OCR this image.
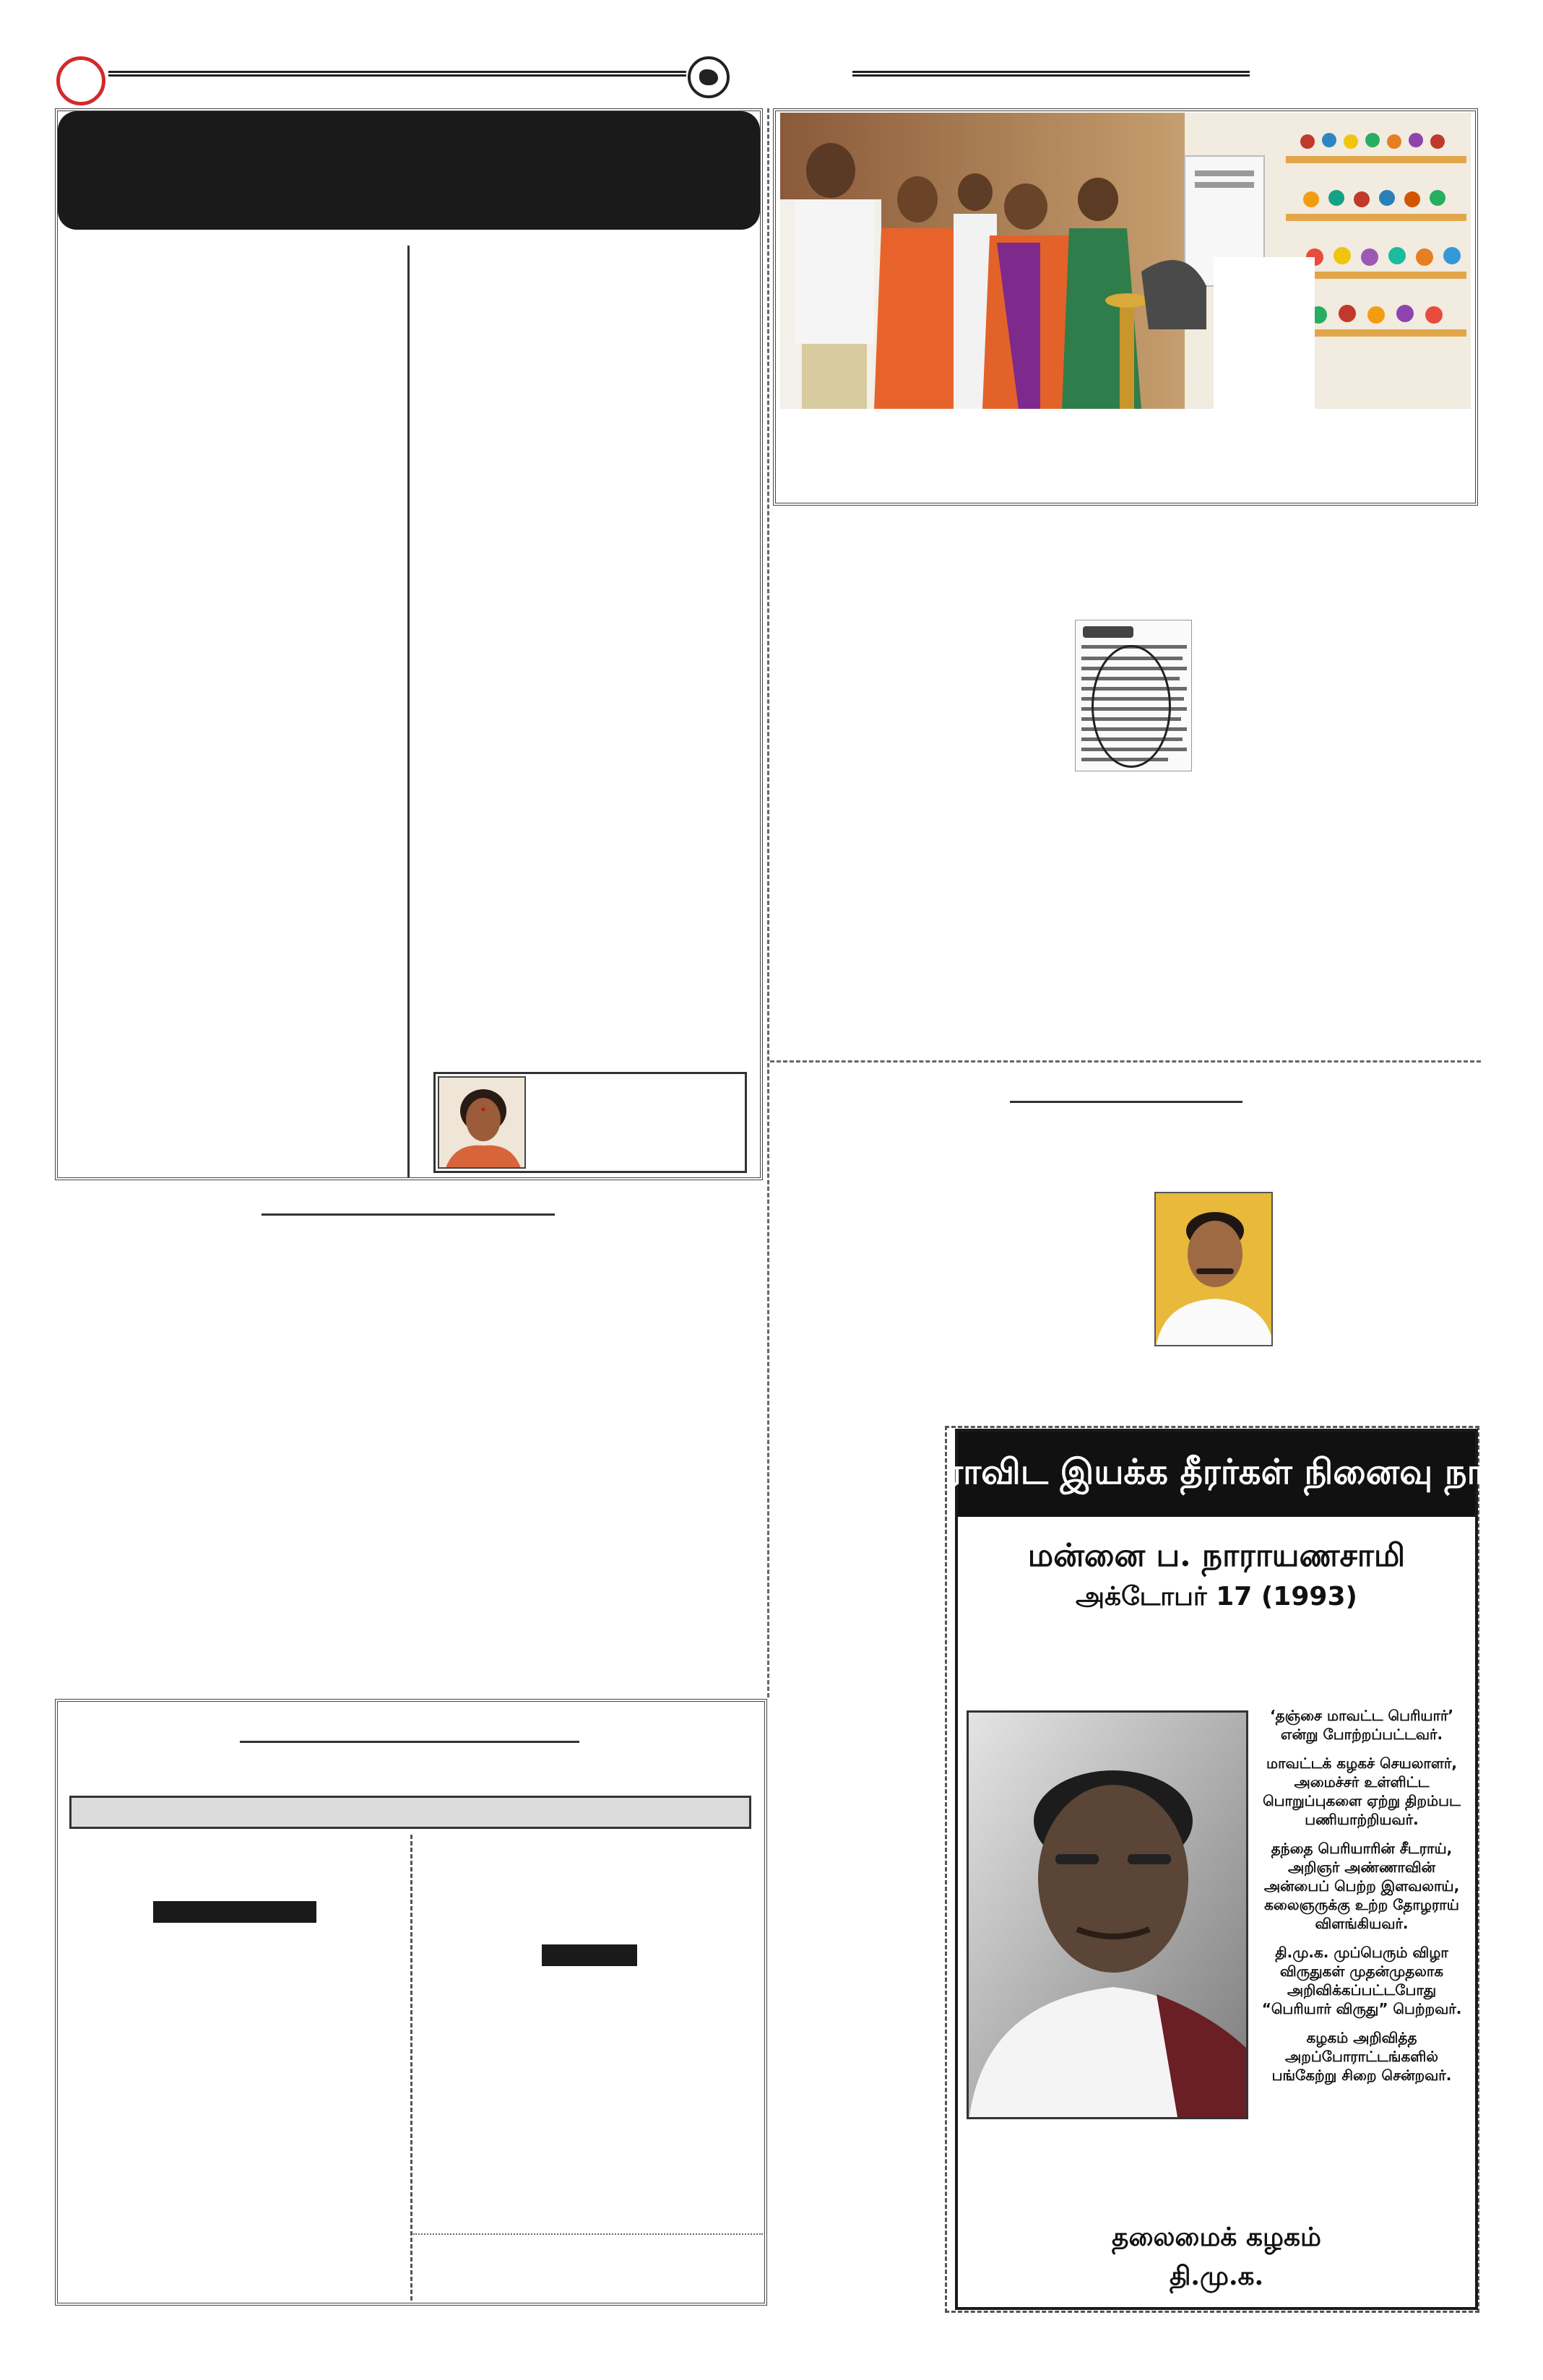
திராவிட இயக்க தீரர்கள் நினைவு நாள்
மன்னை ப. நாராயணசாமி
அக்டோபர் 17 (1993)

‘தஞ்சை மாவட்ட பெரியார்’ என்று போற்றப்பட்டவர்.

மாவட்டக் கழகச் செயலாளர், அமைச்சர் உள்ளிட்ட பொறுப்புகளை ஏற்று திறம்பட பணியாற்றியவர்.

தந்தை பெரியாரின் சீடராய், அறிஞர் அண்ணாவின் அன்பைப் பெற்ற இளவலாய், கலைஞருக்கு உற்ற தோழராய் விளங்கியவர்.

தி.மு.க. முப்பெரும் விழா விருதுகள் முதன்முதலாக அறிவிக்கப்பட்டபோது “பெரியார் விருது” பெற்றவர்.

கழகம் அறிவித்த அறப்போராட்டங்களில் பங்கேற்று சிறை சென்றவர்.

தலைமைக் கழகம்
தி.மு.க.
